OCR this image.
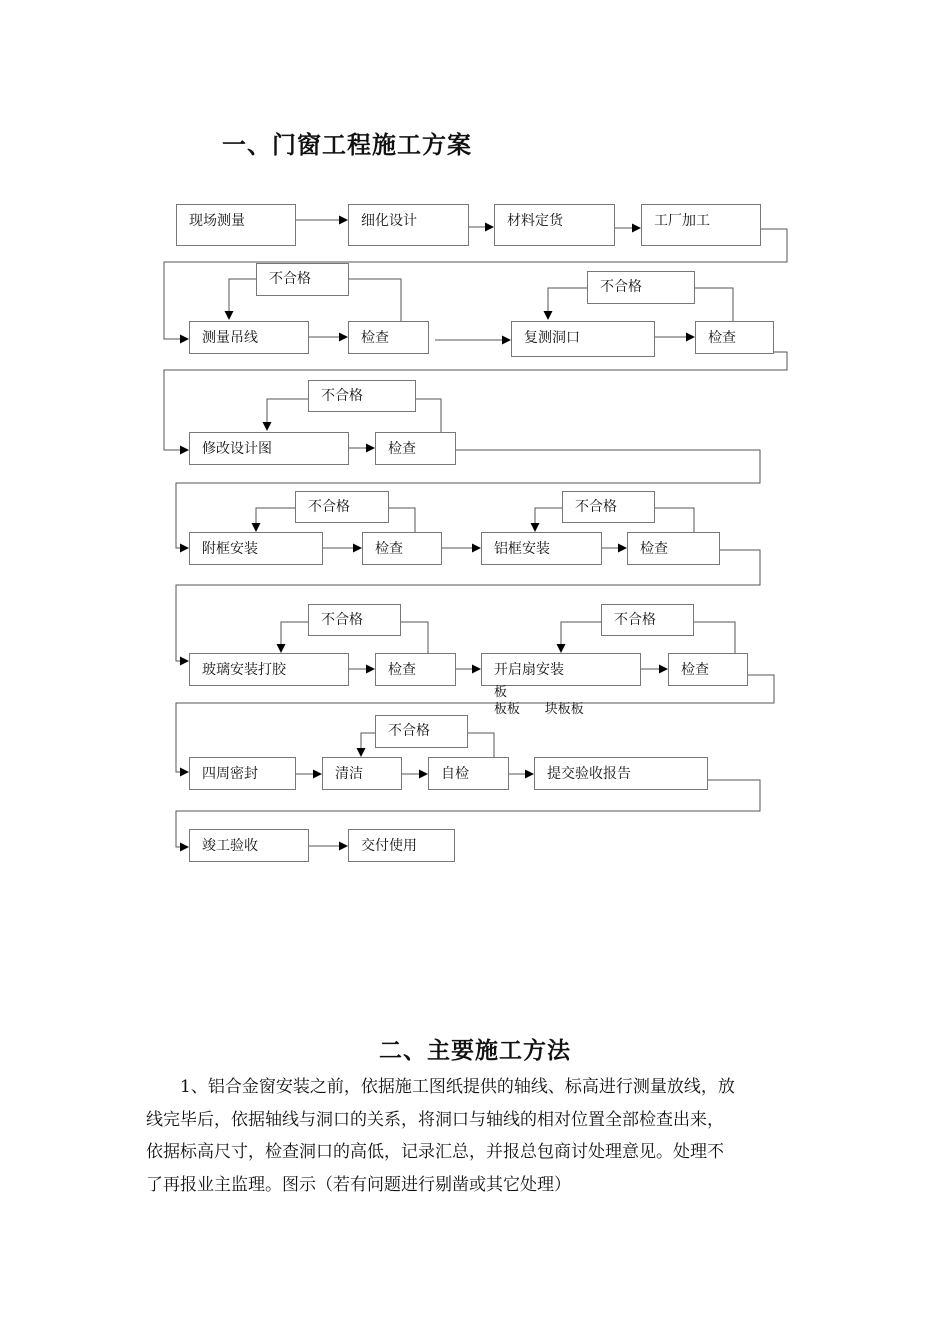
一、门窗工程施工方案
现场测量	细化设计	材料定货	工厂加工
不合格	不合格
测量吊线	检查	复测洞口	检查
不合格
修改设计图	检查
不合格	不合格
附框安装	检查	铝框安装	检查
不合格	不合格
玻璃安装打胶	检查	开启扇安装	检查
板
板板      块板板
不合格
四周密封	清洁	自检	提交验收报告
竣工验收	交付使用
二、主要施工方法
1、铝合金窗安装之前，依据施工图纸提供的轴线、标高进行测量放线，放
线完毕后，依据轴线与洞口的关系，将洞口与轴线的相对位置全部检查出来，
依据标高尺寸，检查洞口的高低，记录汇总，并报总包商讨处理意见。处理不
了再报业主监理。图示（若有问题进行剔凿或其它处理）
